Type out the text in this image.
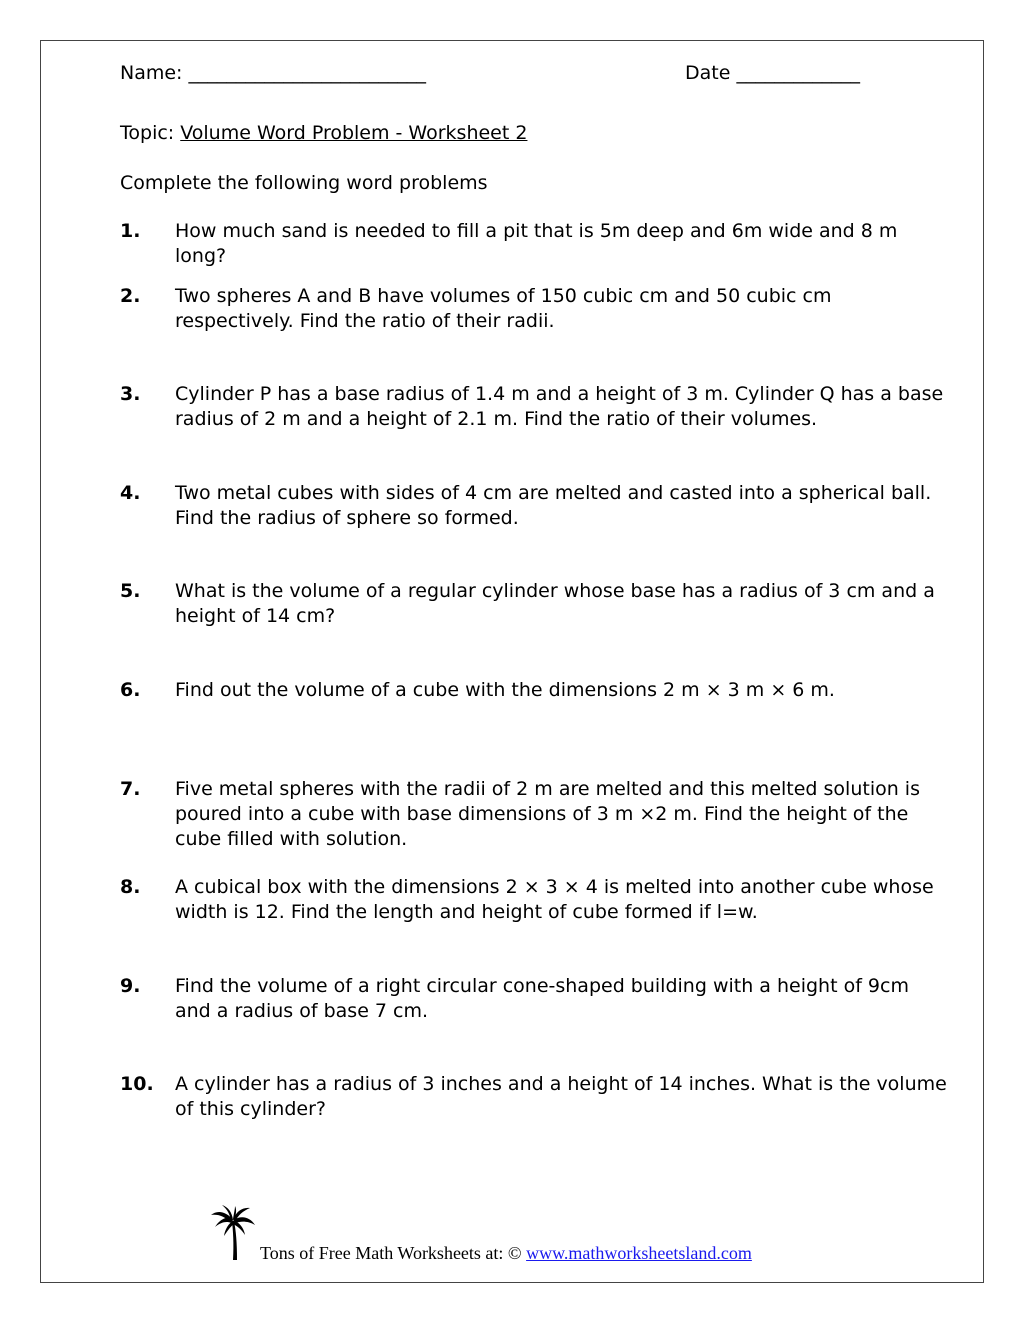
Name: _________________________	Date _____________
Topic: Volume Word Problem - Worksheet 2
Complete the following word problems
1. How much sand is needed to fill a pit that is 5m deep and 6m wide and 8 m long?
2. Two spheres A and B have volumes of 150 cubic cm and 50 cubic cm respectively. Find the ratio of their radii.
3. Cylinder P has a base radius of 1.4 m and a height of 3 m. Cylinder Q has a base radius of 2 m and a height of 2.1 m. Find the ratio of their volumes.
4. Two metal cubes with sides of 4 cm are melted and casted into a spherical ball. Find the radius of sphere so formed.
5. What is the volume of a regular cylinder whose base has a radius of 3 cm and a height of 14 cm?
6. Find out the volume of a cube with the dimensions 2 m × 3 m × 6 m.
7. Five metal spheres with the radii of 2 m are melted and this melted solution is poured into a cube with base dimensions of 3 m ×2 m. Find the height of the cube filled with solution.
8. A cubical box with the dimensions 2 × 3 × 4 is melted into another cube whose width is 12. Find the length and height of cube formed if l=w.
9. Find the volume of a right circular cone-shaped building with a height of 9cm and a radius of base 7 cm.
10. A cylinder has a radius of 3 inches and a height of 14 inches. What is the volume of this cylinder?
Tons of Free Math Worksheets at: © www.mathworksheetsland.com
